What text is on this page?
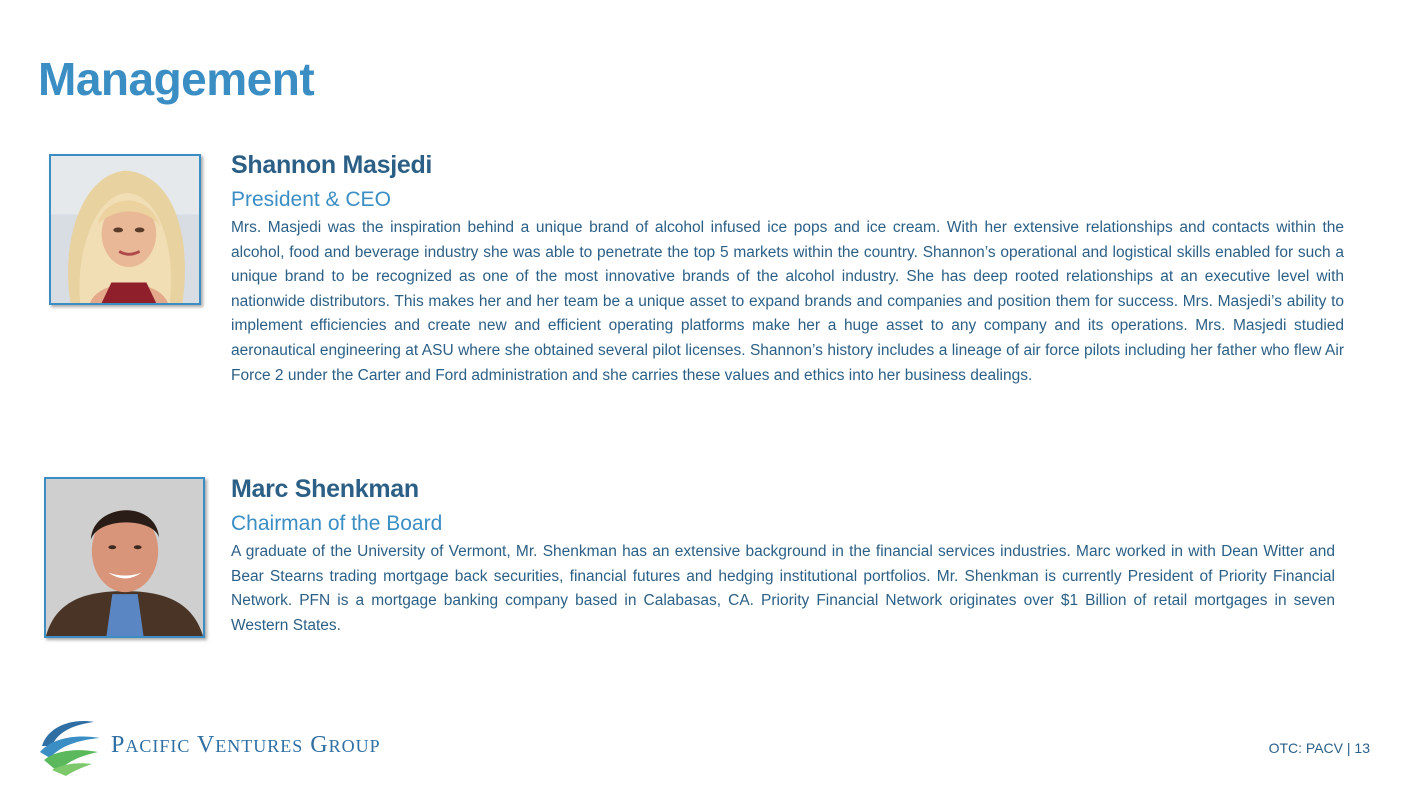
Management
Shannon Masjedi
President & CEO
Mrs. Masjedi was the inspiration behind a unique brand of alcohol infused ice pops and ice cream. With her extensive relationships and contacts within the alcohol, food and beverage industry she was able to penetrate the top 5 markets within the country. Shannon’s operational and logistical skills enabled for such a unique brand to be recognized as one of the most innovative brands of the alcohol industry. She has deep rooted relationships at an executive level with nationwide distributors. This makes her and her team be a unique asset to expand brands and companies and position them for success. Mrs. Masjedi’s ability to implement efficiencies and create new and efficient operating platforms make her a huge asset to any company and its operations. Mrs. Masjedi studied aeronautical engineering at ASU where she obtained several pilot licenses. Shannon’s history includes a lineage of air force pilots including her father who flew Air Force 2 under the Carter and Ford administration and she carries these values and ethics into her business dealings.
Marc Shenkman
Chairman of the Board
A graduate of the University of Vermont, Mr. Shenkman has an extensive background in the financial services industries. Marc worked in with Dean Witter and Bear Stearns trading mortgage back securities, financial futures and hedging institutional portfolios. Mr. Shenkman is currently President of Priority Financial Network. PFN is a mortgage banking company based in Calabasas, CA. Priority Financial Network originates over $1 Billion of retail mortgages in seven Western States.
PACIFIC VENTURES GROUP	OTC: PACV | 13
